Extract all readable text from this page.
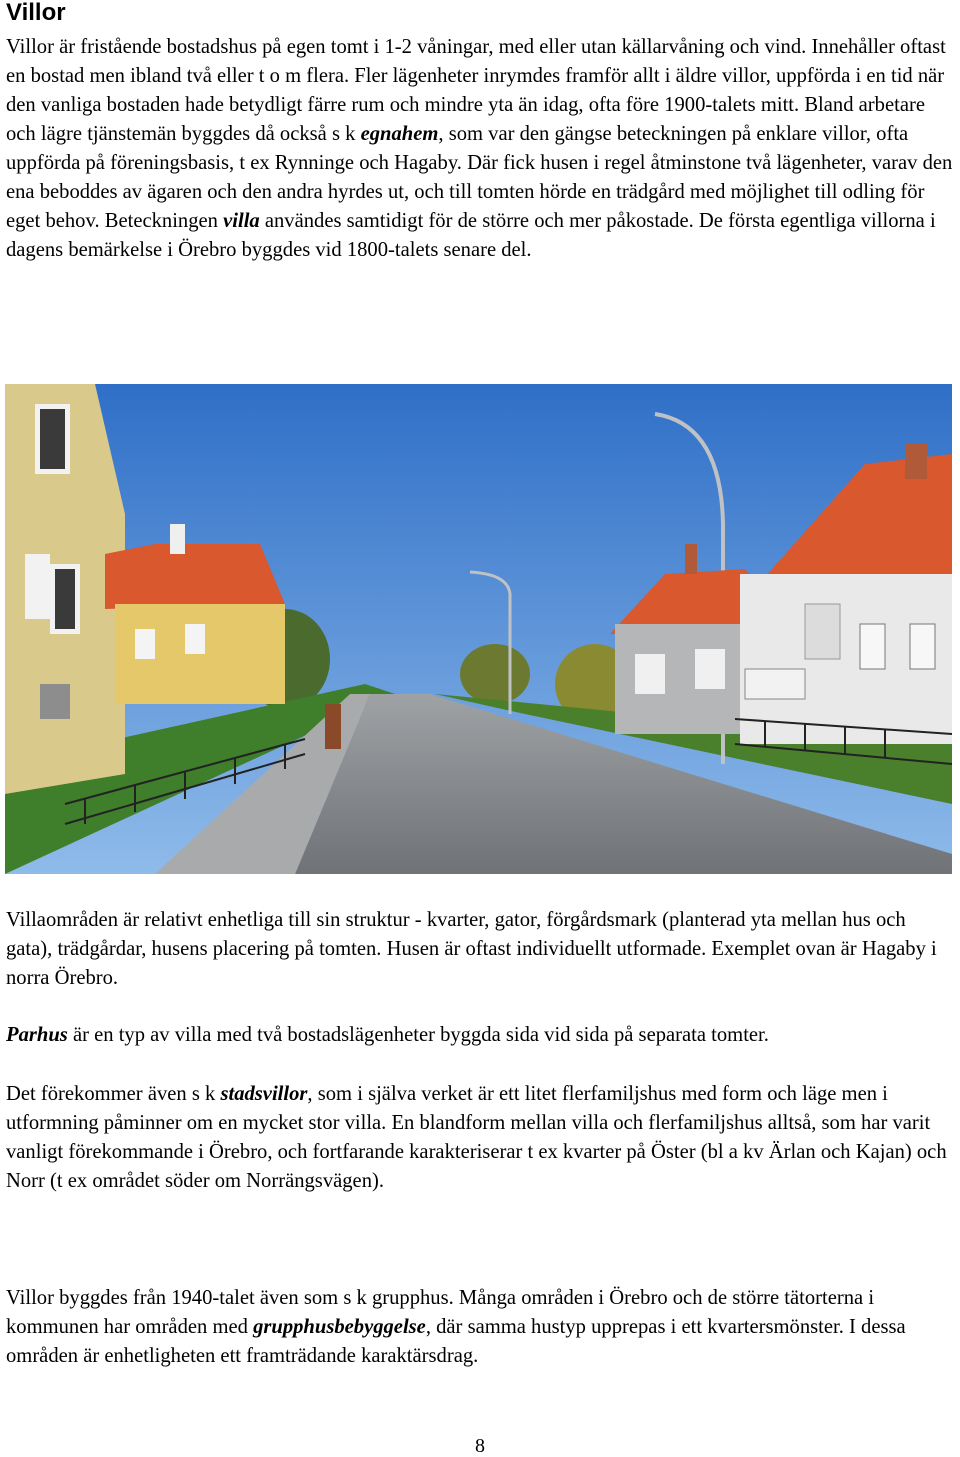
Villor

Villor är fristående bostadshus på egen tomt i 1-2 våningar, med eller utan källarvåning och vind. Innehåller oftast en bostad men ibland två eller t o m flera. Fler lägenheter inrymdes framför allt i äldre villor, uppförda i en tid när den vanliga bostaden hade betydligt färre rum och mindre yta än idag, ofta före 1900-talets mitt. Bland arbetare och lägre tjänstemän byggdes då också s k egnahem, som var den gängse beteckningen på enklare villor, ofta uppförda på föreningsbasis, t ex Rynninge och Hagaby. Där fick husen i regel åtminstone två lägenheter, varav den ena beboddes av ägaren och den andra hyrdes ut, och till tomten hörde en trädgård med möjlighet till odling för eget behov. Beteckningen villa användes samtidigt för de större och mer påkostade. De första egentliga villorna i dagens bemärkelse i Örebro byggdes vid 1800-talets senare del.

Villaområden är relativt enhetliga till sin struktur - kvarter, gator, förgårdsmark (planterad yta mellan hus och gata), trädgårdar, husens placering på tomten. Husen är oftast individuellt utformade. Exemplet ovan är Hagaby i norra Örebro.

Parhus är en typ av villa med två bostadslägenheter byggda sida vid sida på separata tomter.

Det förekommer även s k stadsvillor, som i själva verket är ett litet flerfamiljshus med form och läge men i utformning påminner om en mycket stor villa. En blandform mellan villa och flerfamiljshus alltså, som har varit vanligt förekommande i Örebro, och fortfarande karakteriserar t ex kvarter på Öster (bl a kv Ärlan och Kajan) och Norr (t ex området söder om Norrängsvägen).

Villor byggdes från 1940-talet även som s k grupphus. Många områden i Örebro och de större tätorterna i kommunen har områden med grupphusbebyggelse, där samma hustyp upprepas i ett kvartersmönster. I dessa områden är enhetligheten ett framträdande karaktärsdrag.

8
